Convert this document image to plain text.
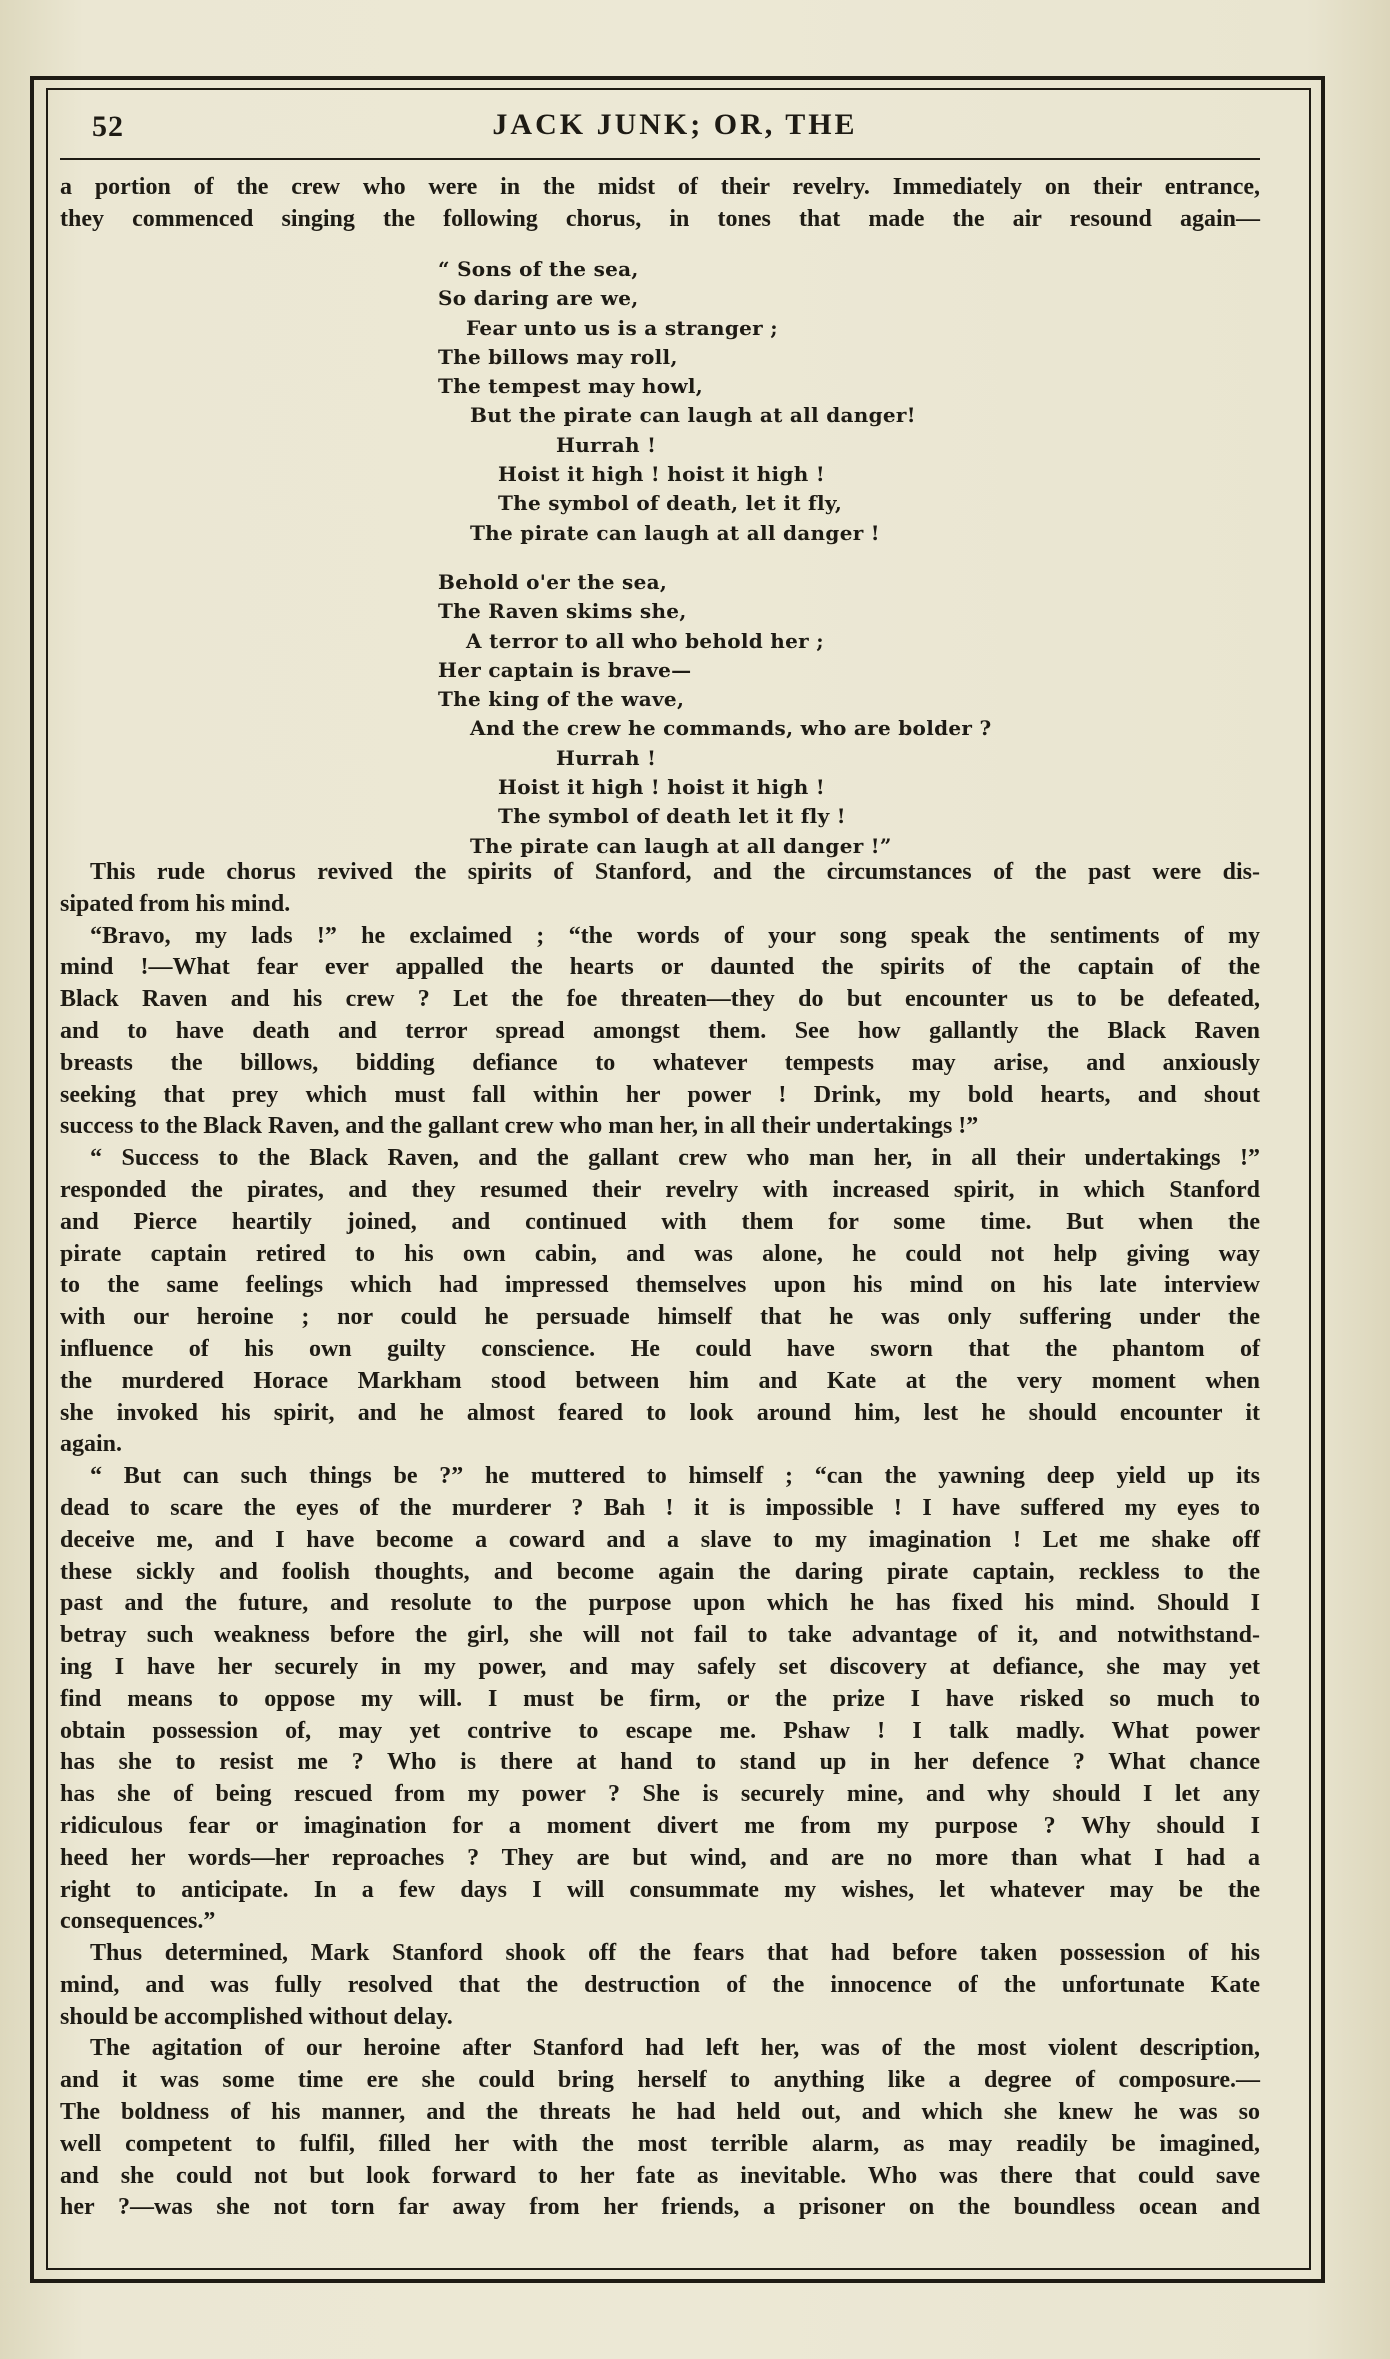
52	JACK JUNK; OR, THE
a portion of the crew who were in the midst of their revelry. Immediately on their entrance,
they commenced singing the following chorus, in tones that made the air resound again—
“ Sons of the sea,
So daring are we,
Fear unto us is a stranger ;
The billows may roll,
The tempest may howl,
But the pirate can laugh at all danger!
Hurrah !
Hoist it high ! hoist it high !
The symbol of death, let it fly,
The pirate can laugh at all danger !
Behold o'er the sea,
The Raven skims she,
A terror to all who behold her ;
Her captain is brave—
The king of the wave,
And the crew he commands, who are bolder ?
Hurrah !
Hoist it high ! hoist it high !
The symbol of death let it fly !
The pirate can laugh at all danger !”
This rude chorus revived the spirits of Stanford, and the circumstances of the past were dis-
sipated from his mind.
“Bravo, my lads !” he exclaimed ; “the words of your song speak the sentiments of my
mind !—What fear ever appalled the hearts or daunted the spirits of the captain of the
Black Raven and his crew ? Let the foe threaten—they do but encounter us to be defeated,
and to have death and terror spread amongst them. See how gallantly the Black Raven
breasts the billows, bidding defiance to whatever tempests may arise, and anxiously
seeking that prey which must fall within her power ! Drink, my bold hearts, and shout
success to the Black Raven, and the gallant crew who man her, in all their undertakings !”
“ Success to the Black Raven, and the gallant crew who man her, in all their undertakings !”
responded the pirates, and they resumed their revelry with increased spirit, in which Stanford
and Pierce heartily joined, and continued with them for some time. But when the
pirate captain retired to his own cabin, and was alone, he could not help giving way
to the same feelings which had impressed themselves upon his mind on his late interview
with our heroine ; nor could he persuade himself that he was only suffering under the
influence of his own guilty conscience. He could have sworn that the phantom of
the murdered Horace Markham stood between him and Kate at the very moment when
she invoked his spirit, and he almost feared to look around him, lest he should encounter it
again.
“ But can such things be ?” he muttered to himself ; “can the yawning deep yield up its
dead to scare the eyes of the murderer ? Bah ! it is impossible ! I have suffered my eyes to
deceive me, and I have become a coward and a slave to my imagination ! Let me shake off
these sickly and foolish thoughts, and become again the daring pirate captain, reckless to the
past and the future, and resolute to the purpose upon which he has fixed his mind. Should I
betray such weakness before the girl, she will not fail to take advantage of it, and notwithstand-
ing I have her securely in my power, and may safely set discovery at defiance, she may yet
find means to oppose my will. I must be firm, or the prize I have risked so much to
obtain possession of, may yet contrive to escape me. Pshaw ! I talk madly. What power
has she to resist me ? Who is there at hand to stand up in her defence ? What chance
has she of being rescued from my power ? She is securely mine, and why should I let any
ridiculous fear or imagination for a moment divert me from my purpose ? Why should I
heed her words—her reproaches ? They are but wind, and are no more than what I had a
right to anticipate. In a few days I will consummate my wishes, let whatever may be the
consequences.”
Thus determined, Mark Stanford shook off the fears that had before taken possession of his
mind, and was fully resolved that the destruction of the innocence of the unfortunate Kate
should be accomplished without delay.
The agitation of our heroine after Stanford had left her, was of the most violent description,
and it was some time ere she could bring herself to anything like a degree of composure.—
The boldness of his manner, and the threats he had held out, and which she knew he was so
well competent to fulfil, filled her with the most terrible alarm, as may readily be imagined,
and she could not but look forward to her fate as inevitable. Who was there that could save
her ?—was she not torn far away from her friends, a prisoner on the boundless ocean and
